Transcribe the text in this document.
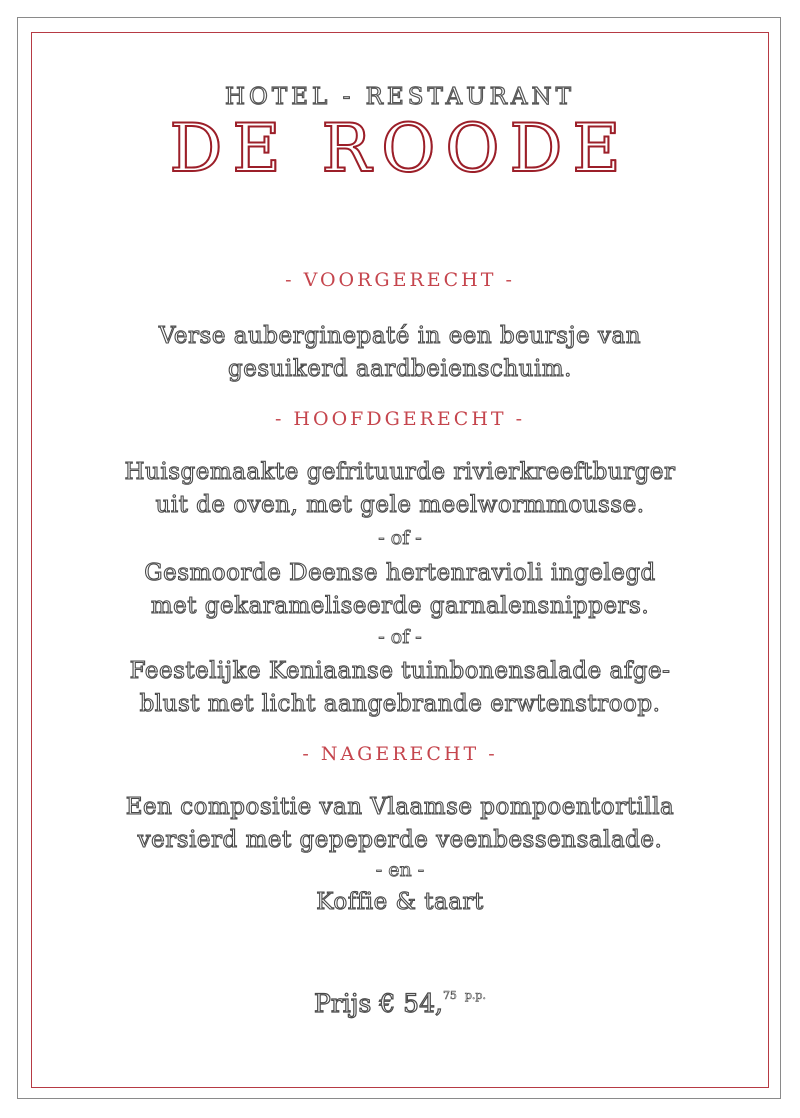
HOTEL - RESTAURANT
DE ROODE
- VOORGERECHT -
Verse auberginepaté in een beursje van
gesuikerd aardbeienschuim.
- HOOFDGERECHT -
Huisgemaakte gefrituurde rivierkreeftburger
uit de oven, met gele meelwormmousse.
- of -
Gesmoorde Deense hertenravioli ingelegd
met gekarameliseerde garnalensnippers.
- of -
Feestelijke Keniaanse tuinbonensalade afge-
blust met licht aangebrande erwtenstroop.
- NAGERECHT -
Een compositie van Vlaamse pompoentortilla
versierd met gepeperde veenbessensalade.
- en -
Koffie & taart
Prijs € 54,75 $^{p.p.}$
